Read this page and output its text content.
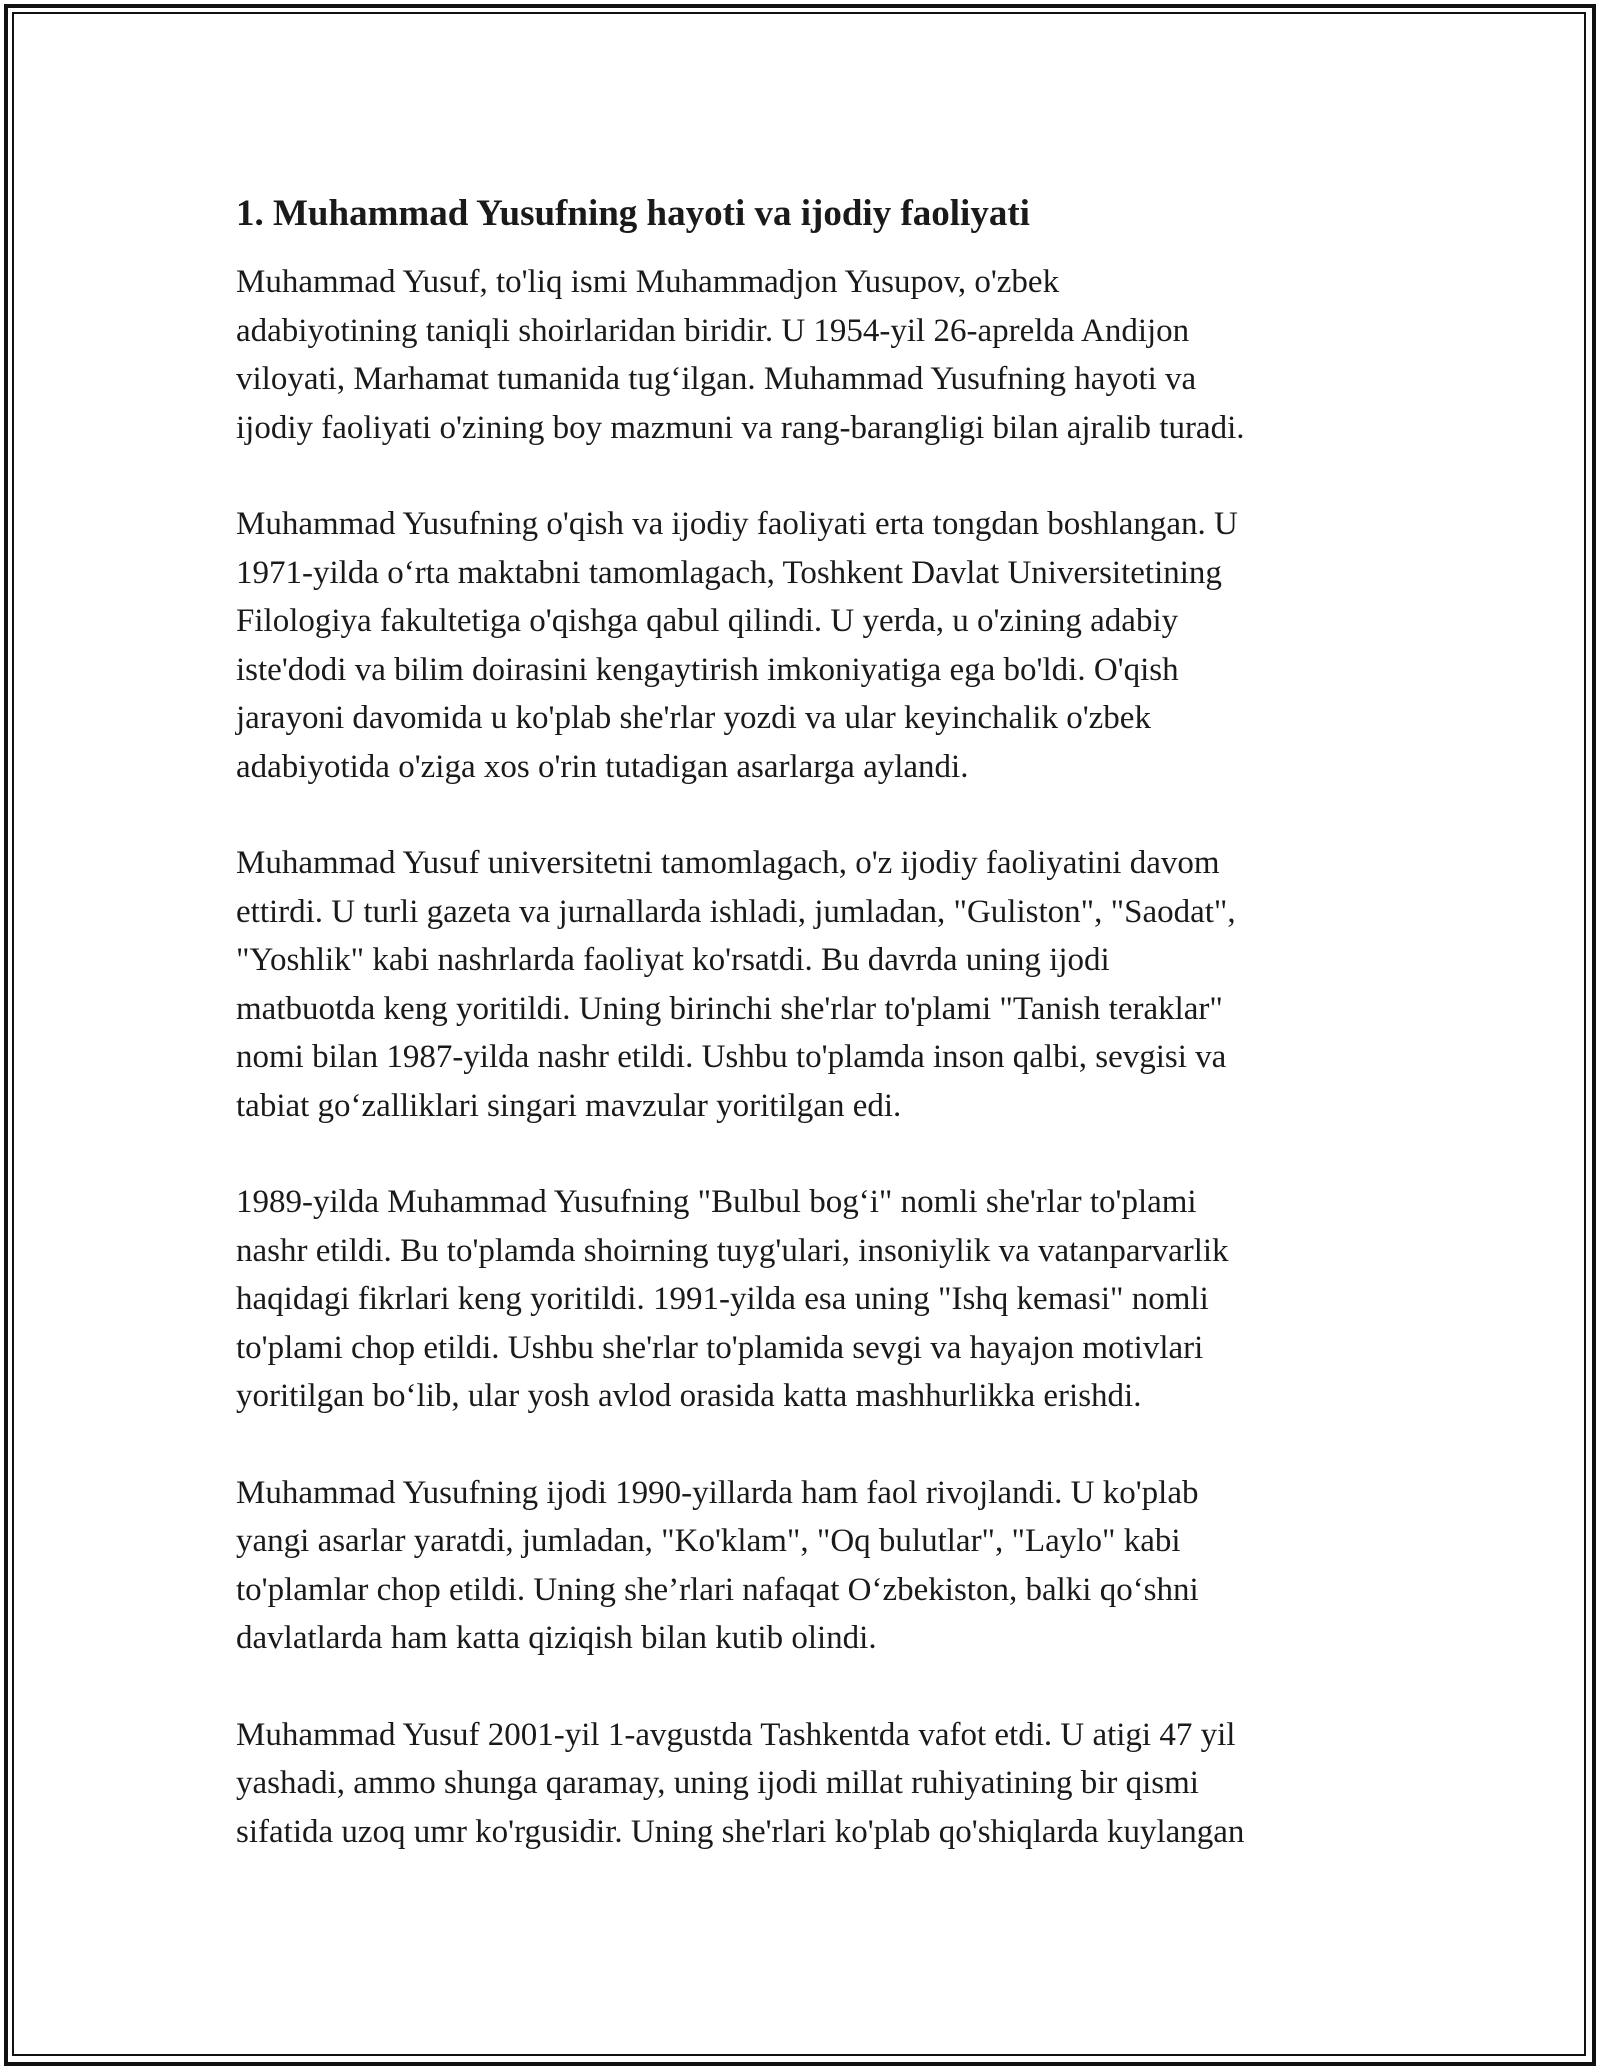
1. Muhammad Yusufning hayoti va ijodiy faoliyati

Muhammad Yusuf, to'liq ismi Muhammadjon Yusupov, o'zbek
adabiyotining taniqli shoirlaridan biridir. U 1954-yil 26-aprelda Andijon
viloyati, Marhamat tumanida tug‘ilgan. Muhammad Yusufning hayoti va
ijodiy faoliyati o'zining boy mazmuni va rang-barangligi bilan ajralib turadi.

Muhammad Yusufning o'qish va ijodiy faoliyati erta tongdan boshlangan. U
1971-yilda o‘rta maktabni tamomlagach, Toshkent Davlat Universitetining
Filologiya fakultetiga o'qishga qabul qilindi. U yerda, u o'zining adabiy
iste'dodi va bilim doirasini kengaytirish imkoniyatiga ega bo'ldi. O'qish
jarayoni davomida u ko'plab she'rlar yozdi va ular keyinchalik o'zbek
adabiyotida o'ziga xos o'rin tutadigan asarlarga aylandi.

Muhammad Yusuf universitetni tamomlagach, o'z ijodiy faoliyatini davom
ettirdi. U turli gazeta va jurnallarda ishladi, jumladan, "Guliston", "Saodat",
"Yoshlik" kabi nashrlarda faoliyat ko'rsatdi. Bu davrda uning ijodi
matbuotda keng yoritildi. Uning birinchi she'rlar to'plami "Tanish teraklar"
nomi bilan 1987-yilda nashr etildi. Ushbu to'plamda inson qalbi, sevgisi va
tabiat go‘zalliklari singari mavzular yoritilgan edi.

1989-yilda Muhammad Yusufning "Bulbul bog‘i" nomli she'rlar to'plami
nashr etildi. Bu to'plamda shoirning tuyg'ulari, insoniylik va vatanparvarlik
haqidagi fikrlari keng yoritildi. 1991-yilda esa uning "Ishq kemasi" nomli
to'plami chop etildi. Ushbu she'rlar to'plamida sevgi va hayajon motivlari
yoritilgan bo‘lib, ular yosh avlod orasida katta mashhurlikka erishdi.

Muhammad Yusufning ijodi 1990-yillarda ham faol rivojlandi. U ko'plab
yangi asarlar yaratdi, jumladan, "Ko'klam", "Oq bulutlar", "Laylo" kabi
to'plamlar chop etildi. Uning she’rlari nafaqat O‘zbekiston, balki qo‘shni
davlatlarda ham katta qiziqish bilan kutib olindi.

Muhammad Yusuf 2001-yil 1-avgustda Tashkentda vafot etdi. U atigi 47 yil
yashadi, ammo shunga qaramay, uning ijodi millat ruhiyatining bir qismi
sifatida uzoq umr ko'rgusidir. Uning she'rlari ko'plab qo'shiqlarda kuylangan
